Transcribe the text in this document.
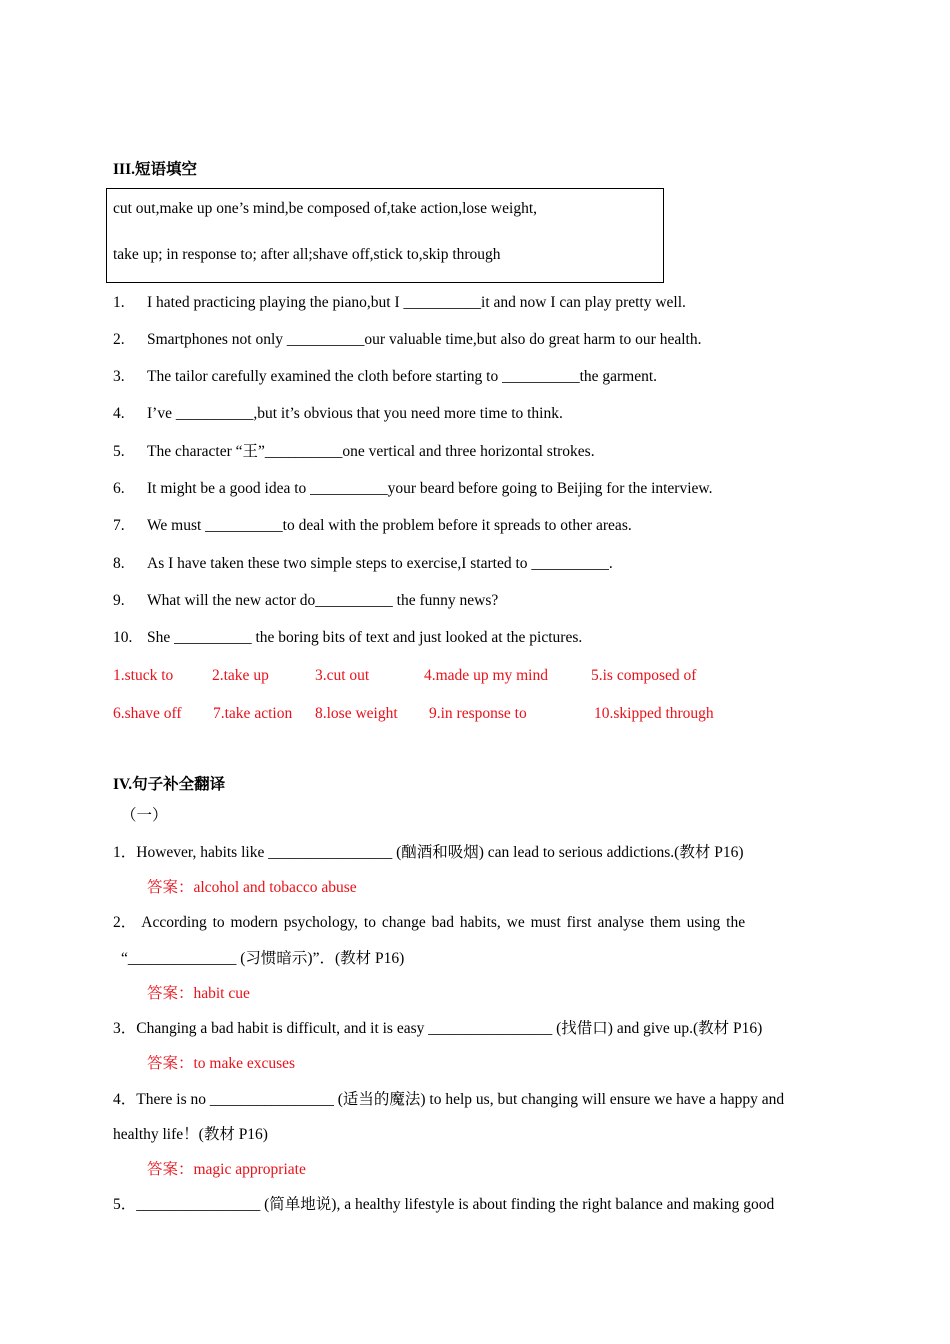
III.短语填空
cut out,make up one’s mind,be composed of,take action,lose weight,
take up; in response to; after all;shave off,stick to,skip through
1. I hated practicing playing the piano,but I __________it and now I can play pretty well.
2. Smartphones not only __________our valuable time,but also do great harm to our health.
3. The tailor carefully examined the cloth before starting to __________the garment.
4. I’ve __________,but it’s obvious that you need more time to think.
5. The character “王”__________one vertical and three horizontal strokes.
6. It might be a good idea to __________your beard before going to Beijing for the interview.
7. We must __________to deal with the problem before it spreads to other areas.
8. As I have taken these two simple steps to exercise,I started to __________.
9. What will the new actor do__________ the funny news?
10. She __________ the boring bits of text and just looked at the pictures.
1.stuck to 2.take up	3.cut out	4.made up my mind	5.is composed of
6.shave off 7.take action 8.lose weight 9.in response to	10.skipped through
IV.句子补全翻译
（一）
1．However, habits like ________________ (酗酒和吸烟) can lead to serious addictions.(教材 P16)
答案：alcohol and tobacco abuse
2． According to modern psychology, to change bad habits, we must first analyse them using the
“______________ (习惯暗示)”．(教材 P16)
答案：habit cue
3．Changing a bad habit is difficult, and it is easy ________________ (找借口) and give up.(教材 P16)
答案：to make excuses
4．There is no ________________ (适当的魔法) to help us, but changing will ensure we have a happy and
healthy life！(教材 P16)
答案：magic appropriate
5．________________ (简单地说), a healthy lifestyle is about finding the right balance and making good
